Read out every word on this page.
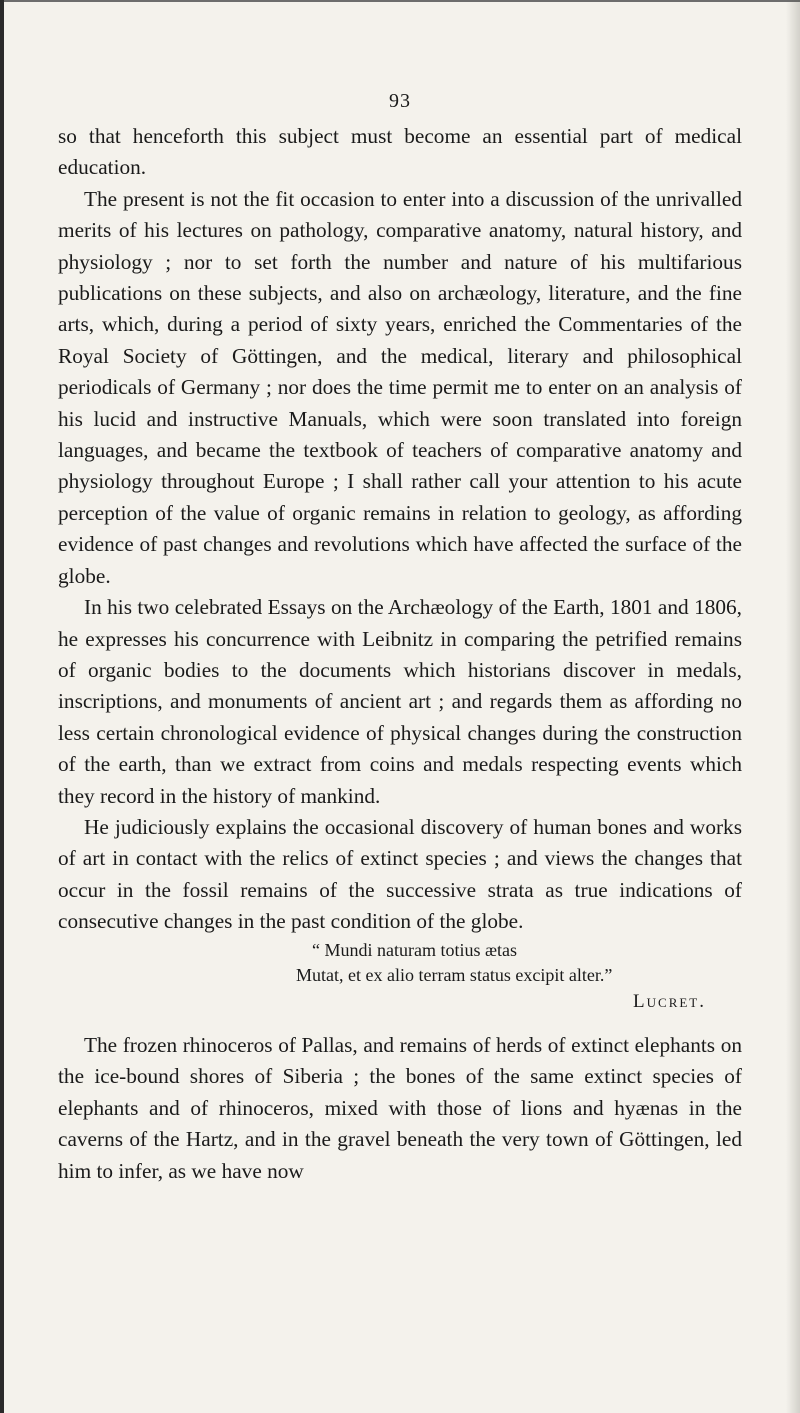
93

so that henceforth this subject must become an essential part of medical education.

The present is not the fit occasion to enter into a discussion of the unrivalled merits of his lectures on pathology, comparative anatomy, natural history, and physiology ; nor to set forth the number and nature of his multifarious publications on these subjects, and also on archæology, literature, and the fine arts, which, during a period of sixty years, enriched the Commentaries of the Royal Society of Göttingen, and the medical, literary and philosophical periodicals of Germany ; nor does the time permit me to enter on an analysis of his lucid and instructive Manuals, which were soon translated into foreign languages, and became the textbook of teachers of comparative anatomy and physiology throughout Europe ; I shall rather call your attention to his acute perception of the value of organic remains in relation to geology, as affording evidence of past changes and revolutions which have affected the surface of the globe.

In his two celebrated Essays on the Archæology of the Earth, 1801 and 1806, he expresses his concurrence with Leibnitz in comparing the petrified remains of organic bodies to the documents which historians discover in medals, inscriptions, and monuments of ancient art ; and regards them as affording no less certain chronological evidence of physical changes during the construction of the earth, than we extract from coins and medals respecting events which they record in the history of mankind.

He judiciously explains the occasional discovery of human bones and works of art in contact with the relics of extinct species ; and views the changes that occur in the fossil remains of the successive strata as true indications of consecutive changes in the past condition of the globe.

“ Mundi naturam totius ætas
Mutat, et ex alio terram status excipit alter.”
Lucret.

The frozen rhinoceros of Pallas, and remains of herds of extinct elephants on the ice-bound shores of Siberia ; the bones of the same extinct species of elephants and of rhinoceros, mixed with those of lions and hyænas in the caverns of the Hartz, and in the gravel beneath the very town of Göttingen, led him to infer, as we have now
